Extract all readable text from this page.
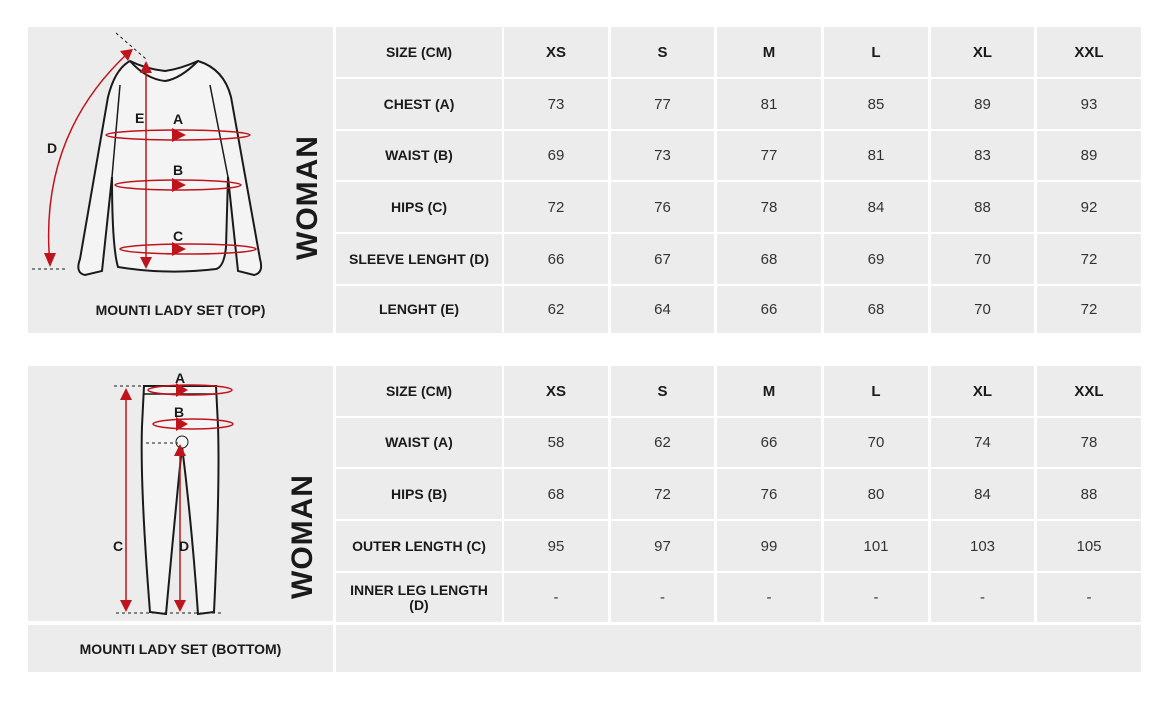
A
B
C
D
E
WOMAN
MOUNTI LADY SET (TOP)
SIZE (CM)	XS	S	M	L	XL	XXL
CHEST (A)	73	77	81	85	89	93
WAIST (B)	69	73	77	81	83	89
HIPS (C)	72	76	78	84	88	92
SLEEVE LENGHT (D)	66	67	68	69	70	72
LENGHT (E)	62	64	66	68	70	72
A
B
C	D	WOMAN
MOUNTI LADY SET (BOTTOM)
SIZE (CM)	XS	S	M	L	XL	XXL
WAIST (A)	58	62	66	70	74	78
HIPS (B)	68	72	76	80	84	88
OUTER LENGTH (C)	95	97	99	101	103	105
INNER LEG LENGTH (D)	-	-	-	-	-	-
